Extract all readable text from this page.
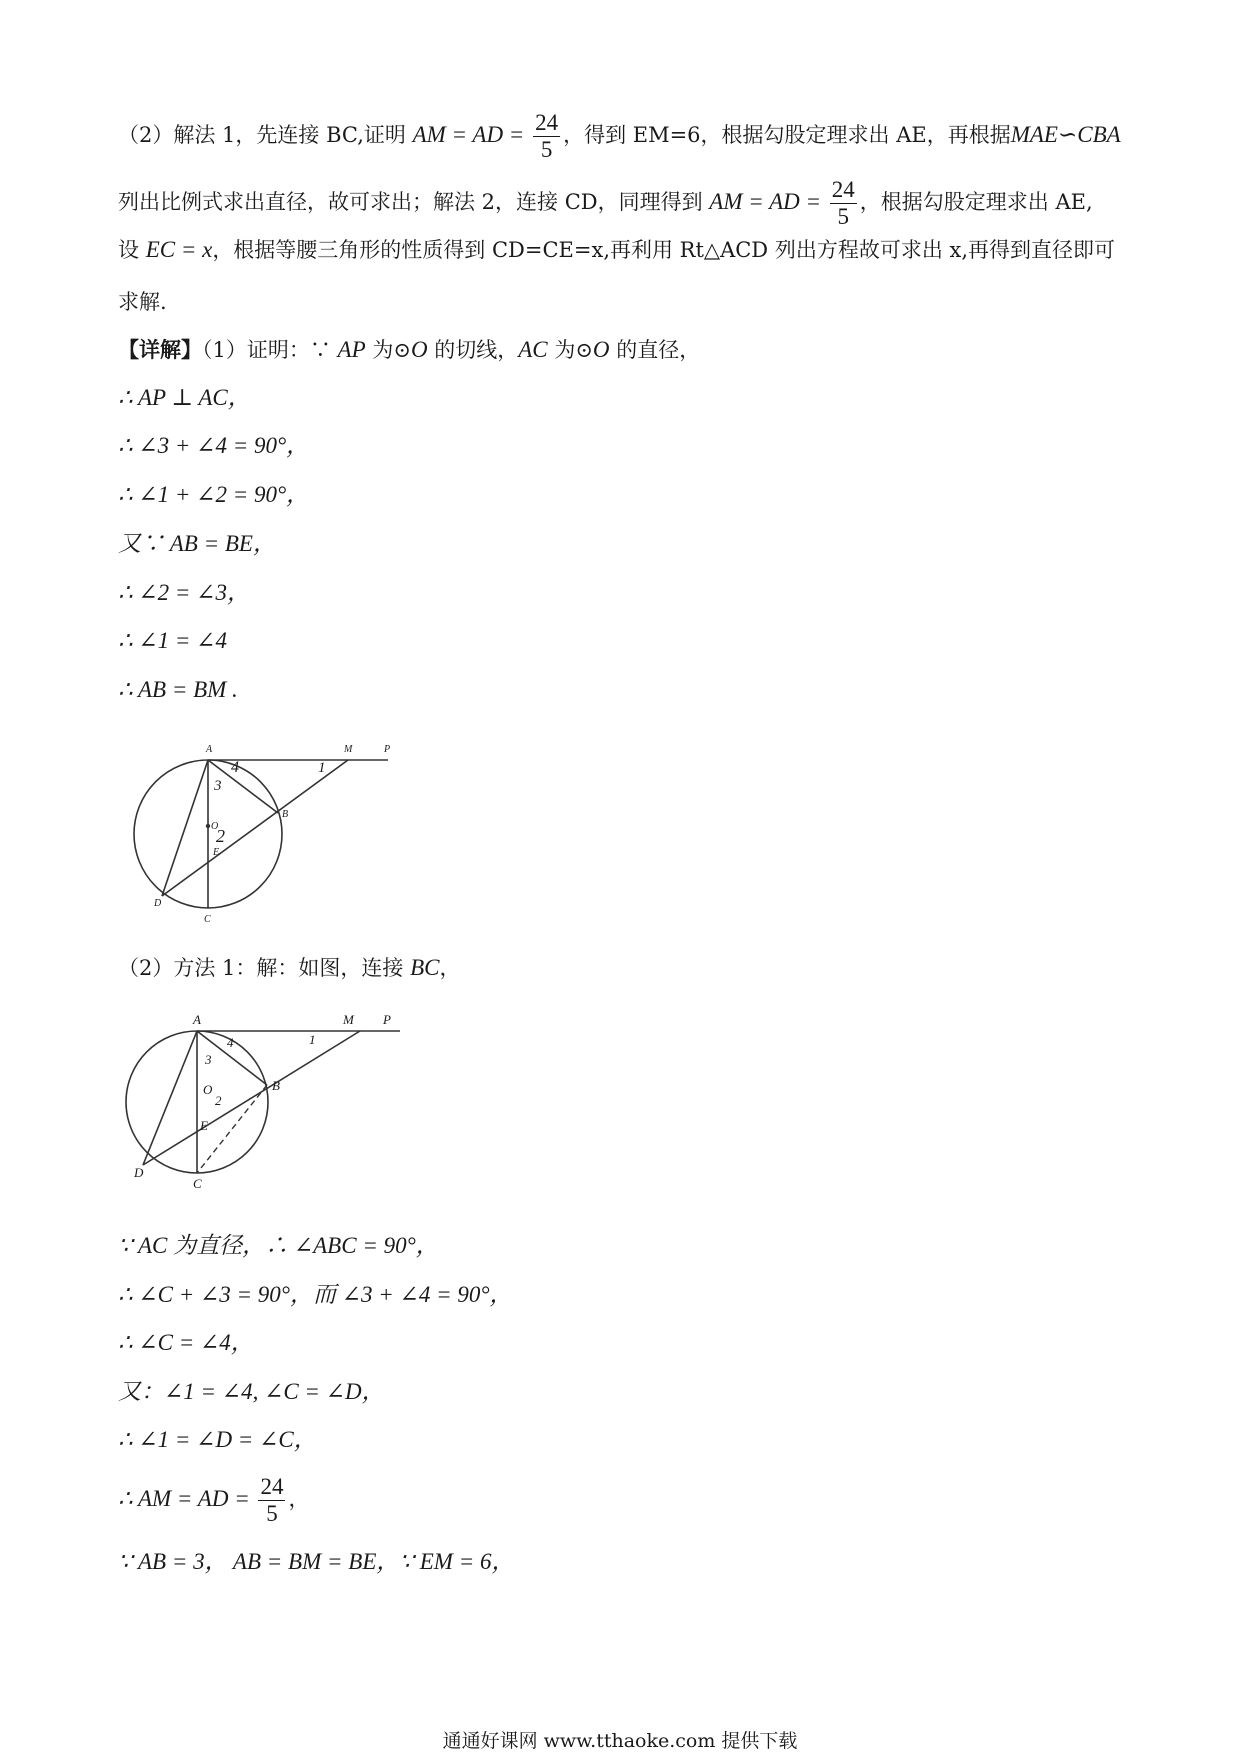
（2）解法 1，先连接 BC,证明 AM = AD = $\frac{24}{5}$ ，得到 EM=6，根据勾股定理求出 AE，再根据MAE∽CBA
列出比例式求出直径，故可求出；解法 2，连接 CD，同理得到 AM = AD = $\frac{24}{5}$ ，根据勾股定理求出 AE,
设 EC = x，根据等腰三角形的性质得到 CD=CE=x,再利用 Rt△ACD 列出方程故可求出 x,再得到直径即可
求解.
【详解】（1）证明：∵ AP 为⊙O 的切线，AC 为⊙O 的直径，
∴ AP ⊥ AC，
∴ ∠3 + ∠4 = 90°，
∴ ∠1 + ∠2 = 90°，
又∵ AB = BE，
∴ ∠2 = ∠3，
∴ ∠1 = ∠4
∴ AB = BM .
A	M	P
B
O
E
D
C
1
2
3
4
（2）方法 1：解：如图，连接 BC，
A	M P
B
O
E
D
C
1
2
3
4
∵ AC 为直径，∴ ∠ABC = 90°，
∴ ∠C + ∠3 = 90°，而 ∠3 + ∠4 = 90°，
∴ ∠C = ∠4，
又：∠1 = ∠4, ∠C = ∠D，
∴ ∠1 = ∠D = ∠C，
∴ AM = AD = $\frac{24}{5}$ ，
∵ AB = 3， AB = BM = BE，∵ EM = 6，
通通好课网 www.tthaoke.com 提供下载
